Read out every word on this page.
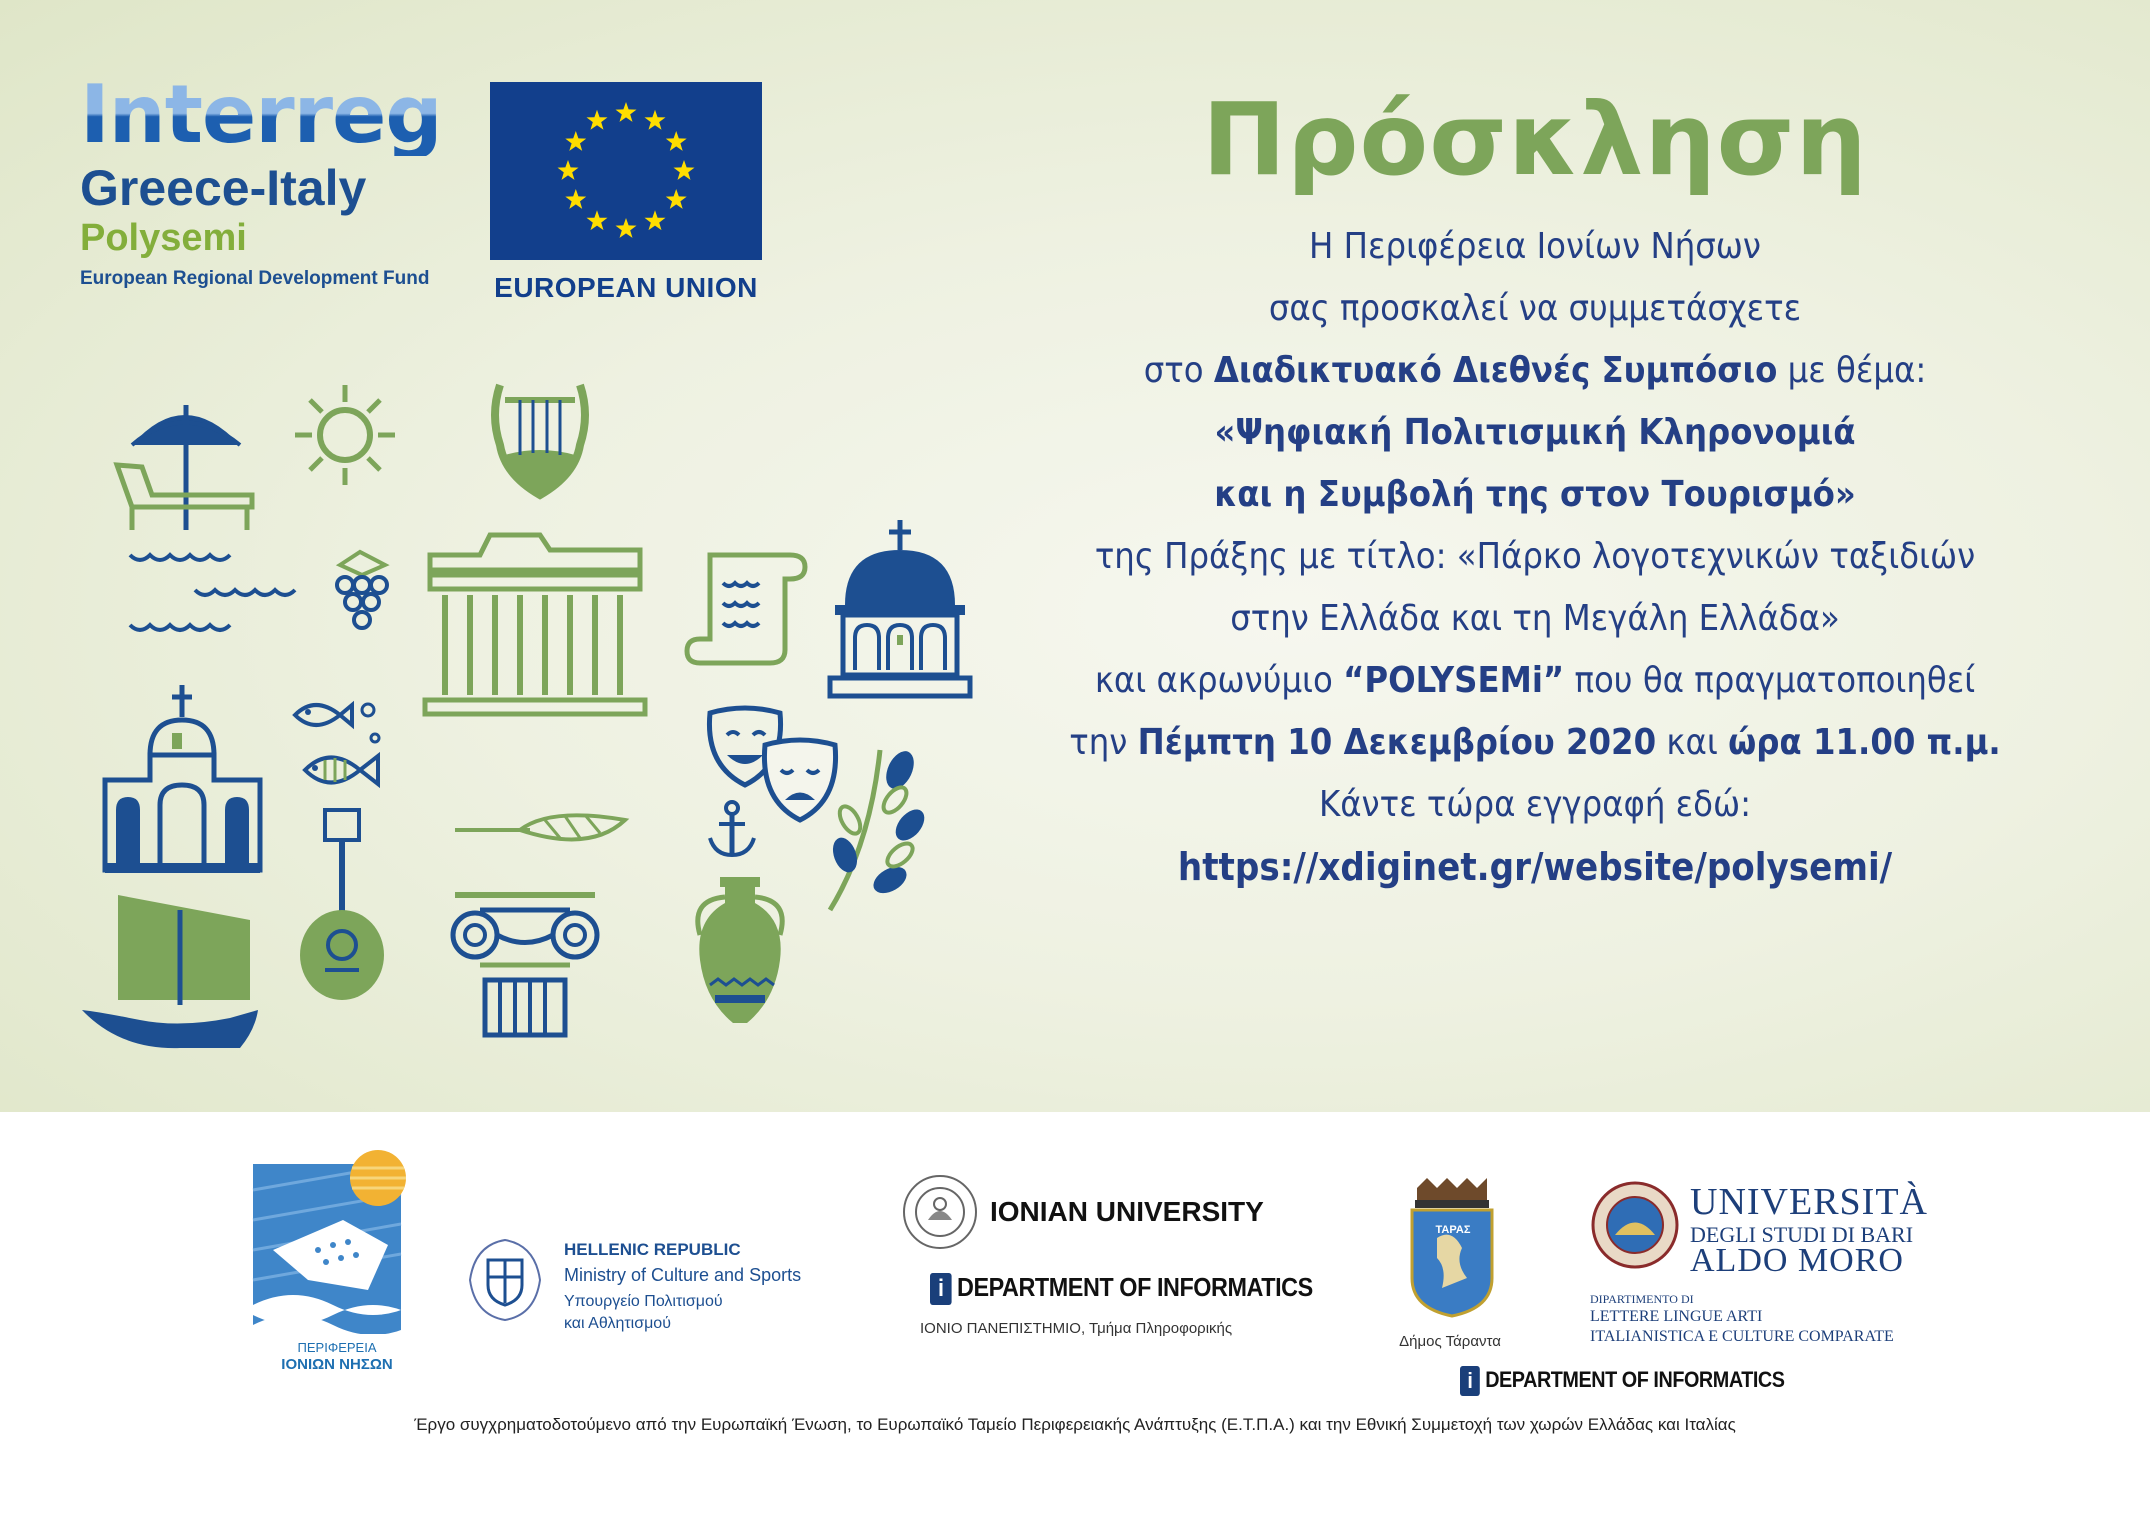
Interreg
Greece-Italy
Polysemi
European Regional Development Fund	EUROPEAN UNION
Πρόσκληση
Η Περιφέρεια Ιονίων Νήσων
σας προσκαλεί να συμμετάσχετε
στο Διαδικτυακό Διεθνές Συμπόσιο με θέμα:
«Ψηφιακή Πολιτισμική Κληρονομιά
και η Συμβολή της στον Τουρισμό»
της Πράξης με τίτλο: «Πάρκο λογοτεχνικών ταξιδιών
στην Ελλάδα και τη Μεγάλη Ελλάδα»
και ακρωνύμιο “POLYSEMi” που θα πραγματοποιηθεί
την Πέμπτη 10 Δεκεμβρίου 2020 και ώρα 11.00 π.μ.
Κάντε τώρα εγγραφή εδώ:
https://xdiginet.gr/website/polysemi/
ΠΕΡΙΦΕΡΕΙΑ
ΙΟΝΙΩΝ ΝΗΣΩΝ
HELLENIC REPUBLIC
Ministry of Culture and Sports
Υπουργείο Πολιτισμού
και Αθλητισμού
IONIAN UNIVERSITY
i DEPARTMENT OF INFORMATICS
ΙΟΝΙΟ ΠΑΝΕΠΙΣΤΗΜΙΟ, Τμήμα Πληροφορικής
ΤΑΡΑΣ
Δήμος Τάραντα
UNIVERSITÀ
DEGLI STUDI DI BARI
ALDO MORO
DIPARTIMENTO DI
LETTERE LINGUE ARTI
ITALIANISTICA E CULTURE COMPARATE
i DEPARTMENT OF INFORMATICS
Έργο συγχρηματοδοτούμενο από την Ευρωπαϊκή Ένωση, το Ευρωπαϊκό Ταμείο Περιφερειακής Ανάπτυξης (Ε.Τ.Π.Α.) και την Εθνική Συμμετοχή των χωρών Ελλάδας και Ιταλίας
